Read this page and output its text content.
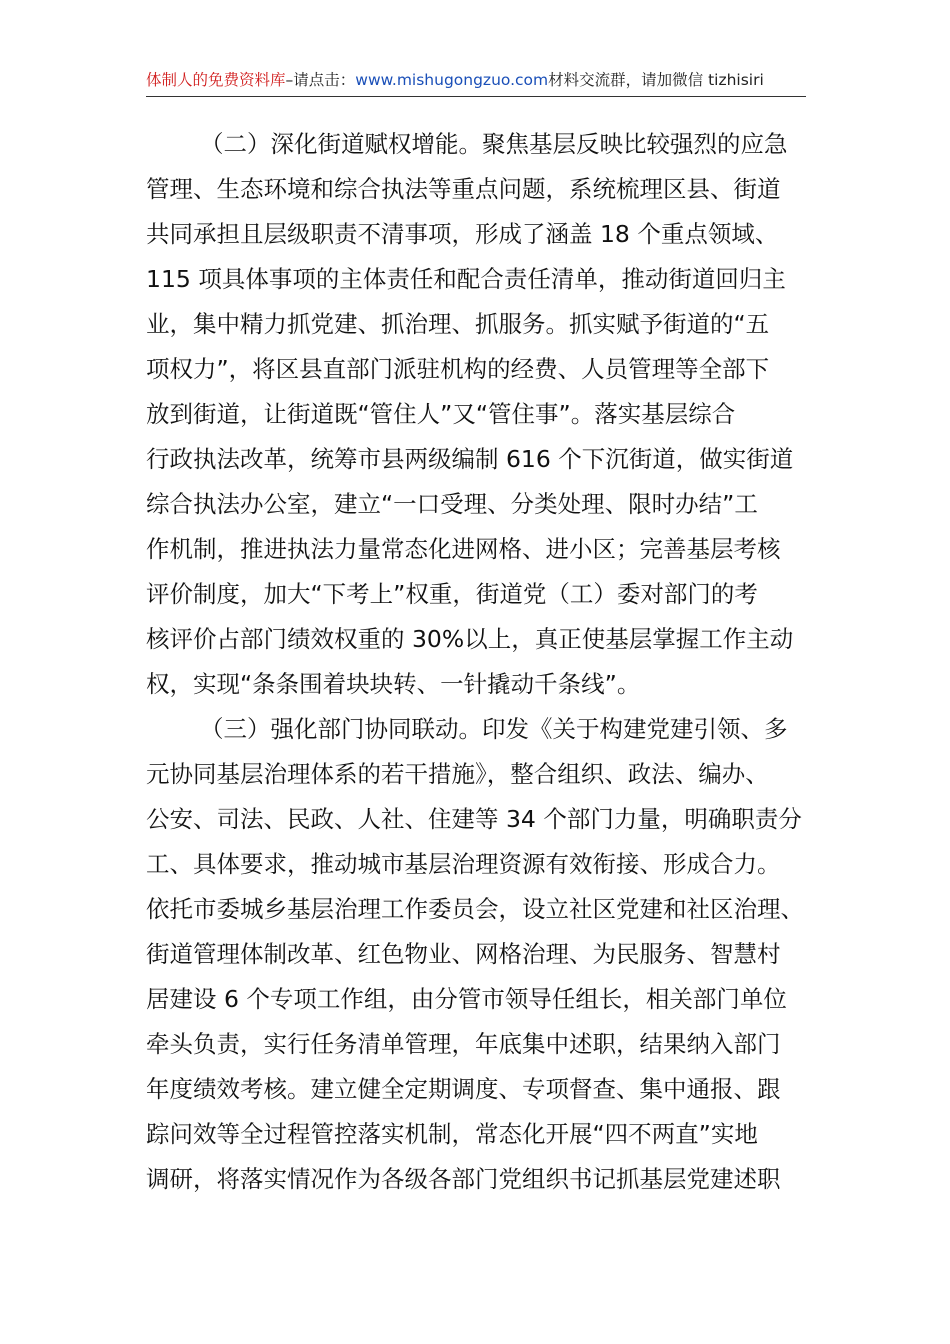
体制人的免费资料库–请点击：www.mishugongzuo.com材料交流群，请加微信 tizhisiri
（二）深化街道赋权增能。聚焦基层反映比较强烈的应急
管理、生态环境和综合执法等重点问题，系统梳理区县、街道
共同承担且层级职责不清事项，形成了涵盖 18 个重点领域、
115 项具体事项的主体责任和配合责任清单，推动街道回归主
业，集中精力抓党建、抓治理、抓服务。抓实赋予街道的“五
项权力”，将区县直部门派驻机构的经费、人员管理等全部下
放到街道，让街道既“管住人”又“管住事”。落实基层综合
行政执法改革，统筹市县两级编制 616 个下沉街道，做实街道
综合执法办公室，建立“一口受理、分类处理、限时办结”工
作机制，推进执法力量常态化进网格、进小区；完善基层考核
评价制度，加大“下考上”权重，街道党（工）委对部门的考
核评价占部门绩效权重的 30%以上，真正使基层掌握工作主动
权，实现“条条围着块块转、一针撬动千条线”。
（三）强化部门协同联动。印发《关于构建党建引领、多
元协同基层治理体系的若干措施》，整合组织、政法、编办、
公安、司法、民政、人社、住建等 34 个部门力量，明确职责分
工、具体要求，推动城市基层治理资源有效衔接、形成合力。
依托市委城乡基层治理工作委员会，设立社区党建和社区治理、
街道管理体制改革、红色物业、网格治理、为民服务、智慧村
居建设 6 个专项工作组，由分管市领导任组长，相关部门单位
牵头负责，实行任务清单管理，年底集中述职，结果纳入部门
年度绩效考核。建立健全定期调度、专项督查、集中通报、跟
踪问效等全过程管控落实机制，常态化开展“四不两直”实地
调研，将落实情况作为各级各部门党组织书记抓基层党建述职
